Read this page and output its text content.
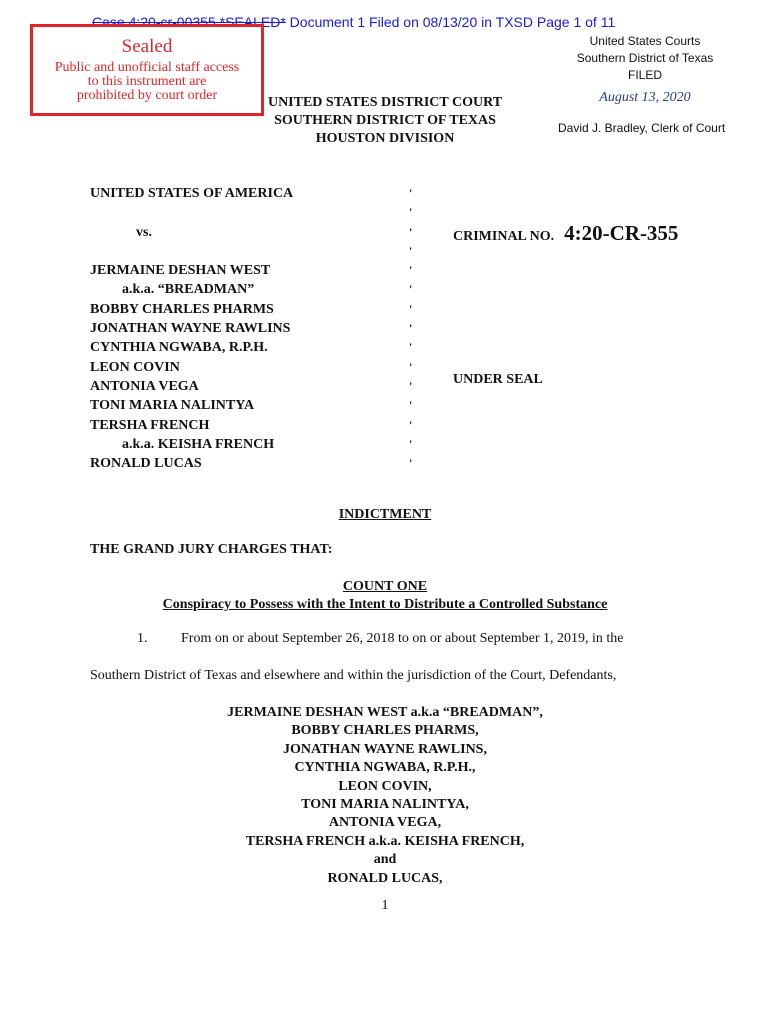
Case 4:20-cr-00355 *SEALED* Document 1 Filed on 08/13/20 in TXSD Page 1 of 11
Sealed
Public and unofficial staff access
to this instrument are
prohibited by court order
United States Courts
Southern District of Texas
FILED
August 13, 2020
David J. Bradley, Clerk of Court
UNITED STATES DISTRICT COURT
SOUTHERN DISTRICT OF TEXAS
HOUSTON DIVISION
UNITED STATES OF AMERICA
vs.
JERMAINE DESHAN WEST
a.k.a. “BREADMAN”
BOBBY CHARLES PHARMS
JONATHAN WAYNE RAWLINS
CYNTHIA NGWABA, R.P.H.
LEON COVIN
ANTONIA VEGA
TONI MARIA NALINTYA
TERSHA FRENCH
a.k.a. KEISHA FRENCH
RONALD LUCAS
'
'
'
'
'
'
'
'
'
'
'
'
'
'
'
CRIMINAL NO. 4:20-CR-355
UNDER SEAL
INDICTMENT
THE GRAND JURY CHARGES THAT:
COUNT ONE
Conspiracy to Possess with the Intent to Distribute a Controlled Substance
1. From on or about September 26, 2018 to on or about September 1, 2019, in the
Southern District of Texas and elsewhere and within the jurisdiction of the Court, Defendants,
JERMAINE DESHAN WEST a.k.a “BREADMAN”,
BOBBY CHARLES PHARMS,
JONATHAN WAYNE RAWLINS,
CYNTHIA NGWABA, R.P.H.,
LEON COVIN,
TONI MARIA NALINTYA,
ANTONIA VEGA,
TERSHA FRENCH a.k.a. KEISHA FRENCH,
and
RONALD LUCAS,
1
